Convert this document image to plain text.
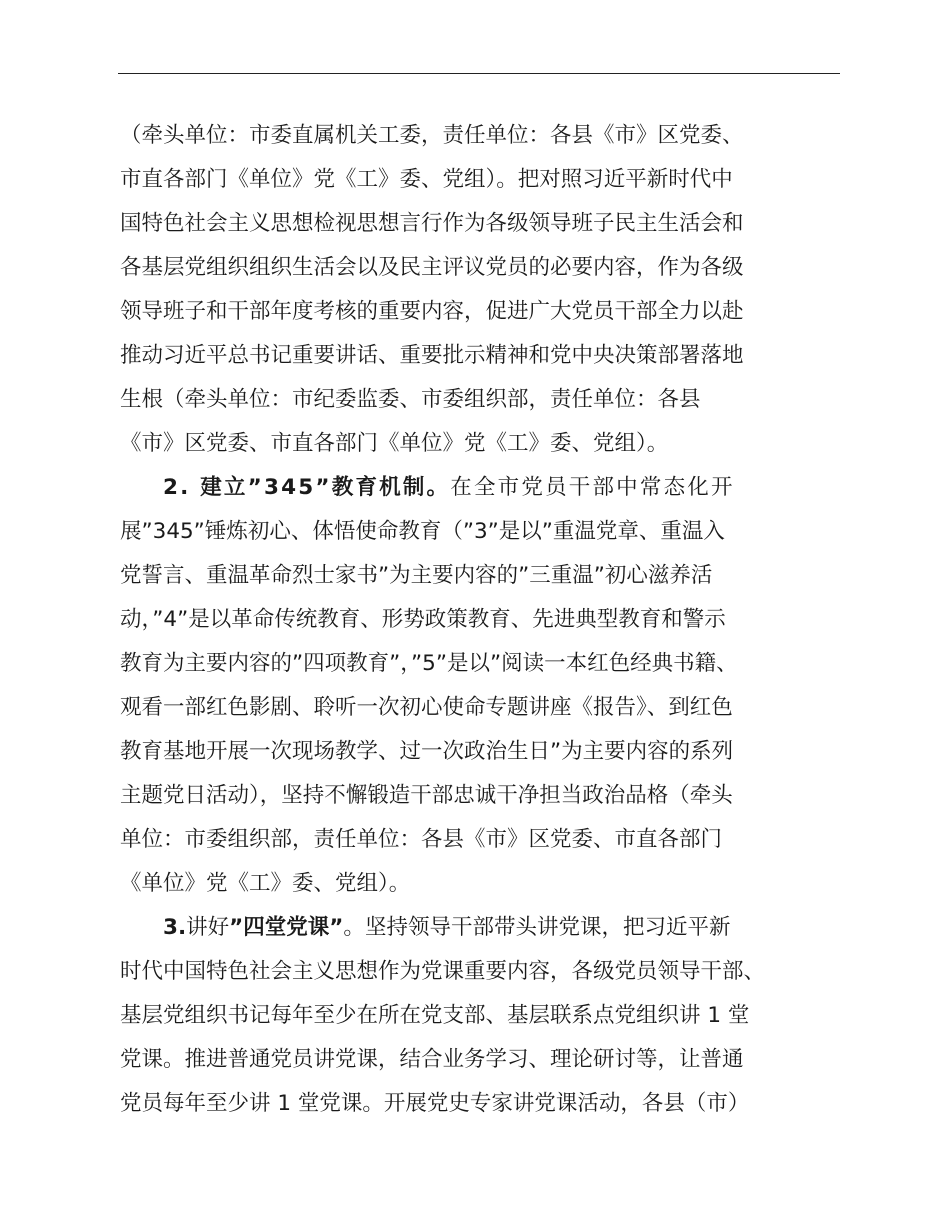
（牵头单位：市委直属机关工委，责任单位：各县《市》区党委、
市直各部门《单位》党《工》委、党组）。把对照习近平新时代中
国特色社会主义思想检视思想言行作为各级领导班子民主生活会和
各基层党组织组织生活会以及民主评议党员的必要内容，作为各级
领导班子和干部年度考核的重要内容，促进广大党员干部全力以赴
推动习近平总书记重要讲话、重要批示精神和党中央决策部署落地
生根（牵头单位：市纪委监委、市委组织部，责任单位：各县
《市》区党委、市直各部门《单位》党《工》委、党组）。
2. 建立”345”教育机制。在全市党员干部中常态化开
展”345”锤炼初心、体悟使命教育（”3”是以”重温党章、重温入
党誓言、重温革命烈士家书”为主要内容的”三重温”初心滋养活
动，”4”是以革命传统教育、形势政策教育、先进典型教育和警示
教育为主要内容的”四项教育”，”5”是以”阅读一本红色经典书籍、
观看一部红色影剧、聆听一次初心使命专题讲座《报告》、到红色
教育基地开展一次现场教学、过一次政治生日”为主要内容的系列
主题党日活动），坚持不懈锻造干部忠诚干净担当政治品格（牵头
单位：市委组织部，责任单位：各县《市》区党委、市直各部门
《单位》党《工》委、党组）。
3.讲好”四堂党课”。坚持领导干部带头讲党课，把习近平新
时代中国特色社会主义思想作为党课重要内容，各级党员领导干部、
基层党组织书记每年至少在所在党支部、基层联系点党组织讲 1 堂
党课。推进普通党员讲党课，结合业务学习、理论研讨等，让普通
党员每年至少讲 1 堂党课。开展党史专家讲党课活动，各县（市）
